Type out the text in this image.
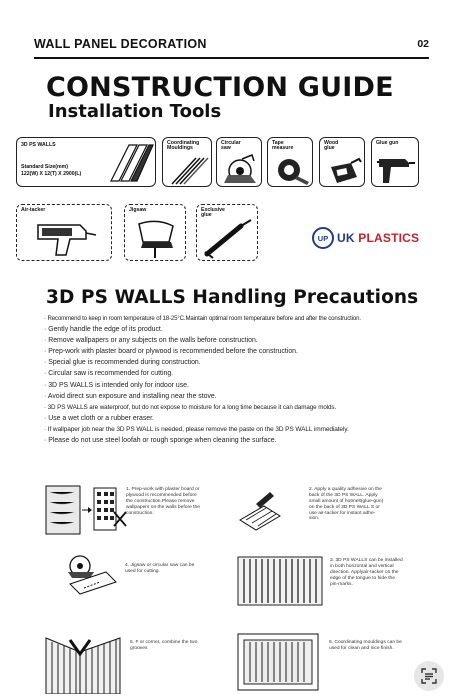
WALL PANEL DECORATION	02
CONSTRUCTION GUIDE
Installation Tools
3D PS WALLS
Standard Size(mm)
122(W) X 12(T) X 2900(L)
Coordinating
Mouldings
Circular
saw
Tape
measure
Wood
glue
Glue gun
Air-tacker	Jigsaw	Exclusive
glue
UP UK PLASTICS
3D PS WALLS Handling Precautions
· Recommend to keep in room temperature of 18-25°C.Maintain optimal room temperature before and after the construction.
· Gently handle the edge of its product.
· Remove wallpapers or any subjects on the walls before construction.
· Prep-work with plaster board or plywood is recommended before the construction.
· Special glue is recommended during construction.
· Circular saw is recommended for cutting.
· 3D PS WALLS is intended only for indoor use.
· Avoid direct sun exposure and installing near the stove.
· 3D PS WALLS are waterproof, but do not expose to moisture for a long time because it can damage molds.
· Use a wet cloth or a rubber eraser.
· If wallpaper job near the 3D PS WALL is needed, please remove the paste on the 3D PS WALL immediately.
· Please do not use steel loofah or rough sponge when cleaning the surface.
1. Prep-work with plaster board or
plywood is recommended before
the construction.Please remove
wallpapers on the walls before the
construction.
2. Apply a quality adhesive on the
back of the 3D PS WALL. Apply
small amount of hotmelt(glue-gun)
on the back of 3D PS WALL S or
use air-tacker for instant adhe-
sion.
4. Jigsaw or circular saw can be
used for cutting.
3. 3D PS WALLS can be installed
in both horizontal and vertical
direction. Applyair-tacker on the
edge of the tongue to hide the
pin-marks.
5. F or corner, combine the two
grooves
6. Coordinating mouldings can be
used for clean and nice finish.
